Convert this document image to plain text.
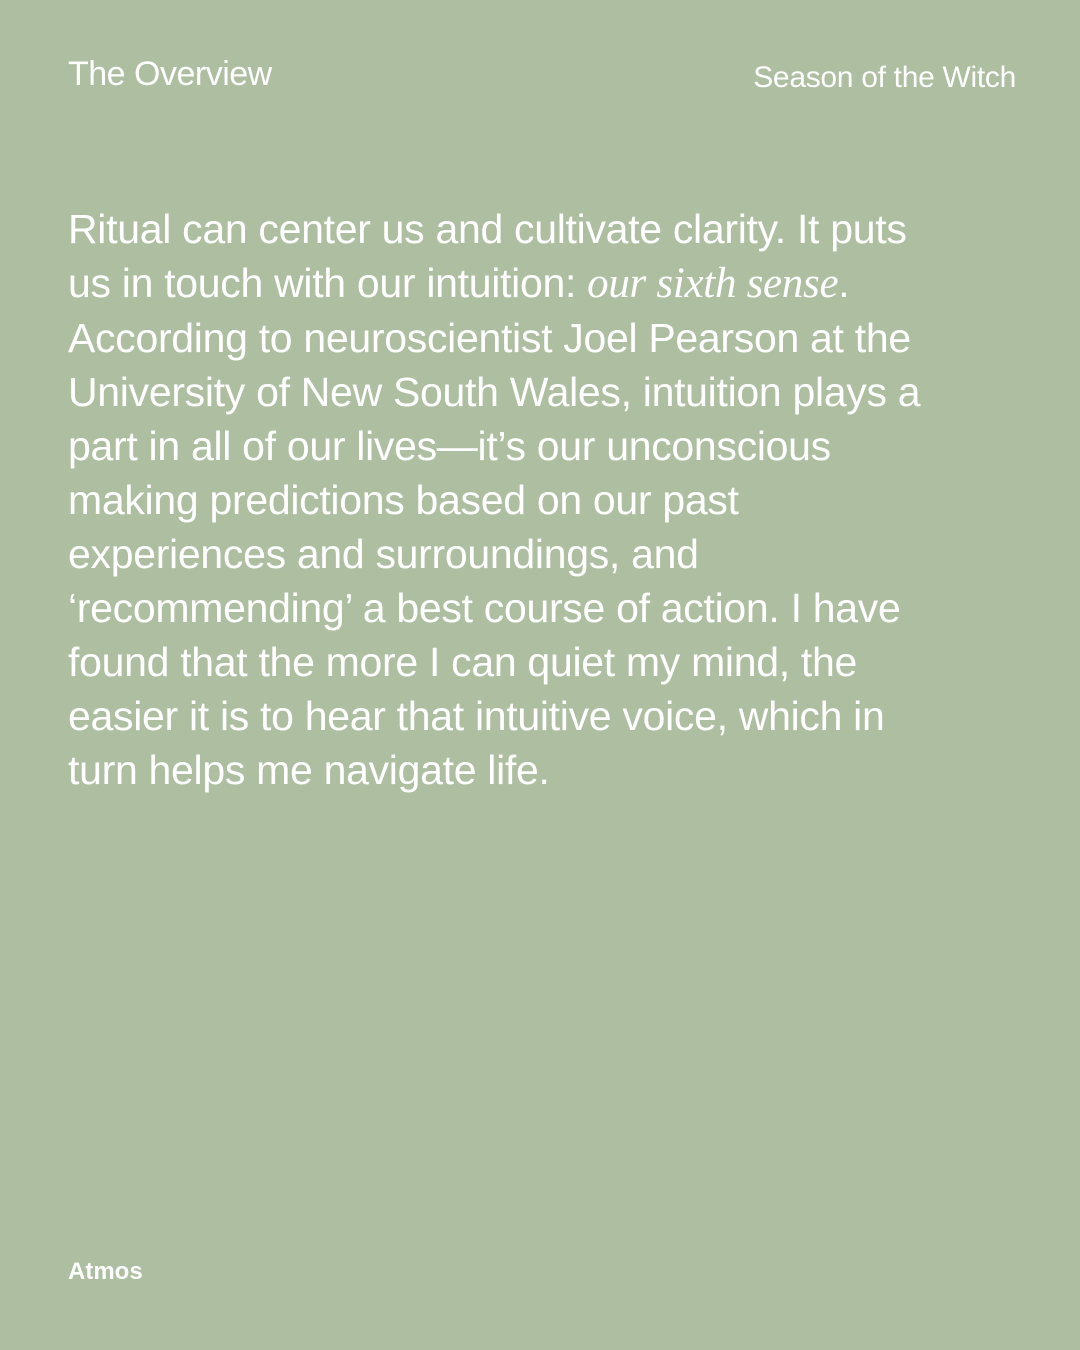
The Overview	Season of the Witch

Ritual can center us and cultivate clarity. It puts us in touch with our intuition: our sixth sense. According to neuroscientist Joel Pearson at the University of New South Wales, intuition plays a part in all of our lives—it’s our unconscious making predictions based on our past experiences and surroundings, and ‘recommending’ a best course of action. I have found that the more I can quiet my mind, the easier it is to hear that intuitive voice, which in turn helps me navigate life.

Atmos
